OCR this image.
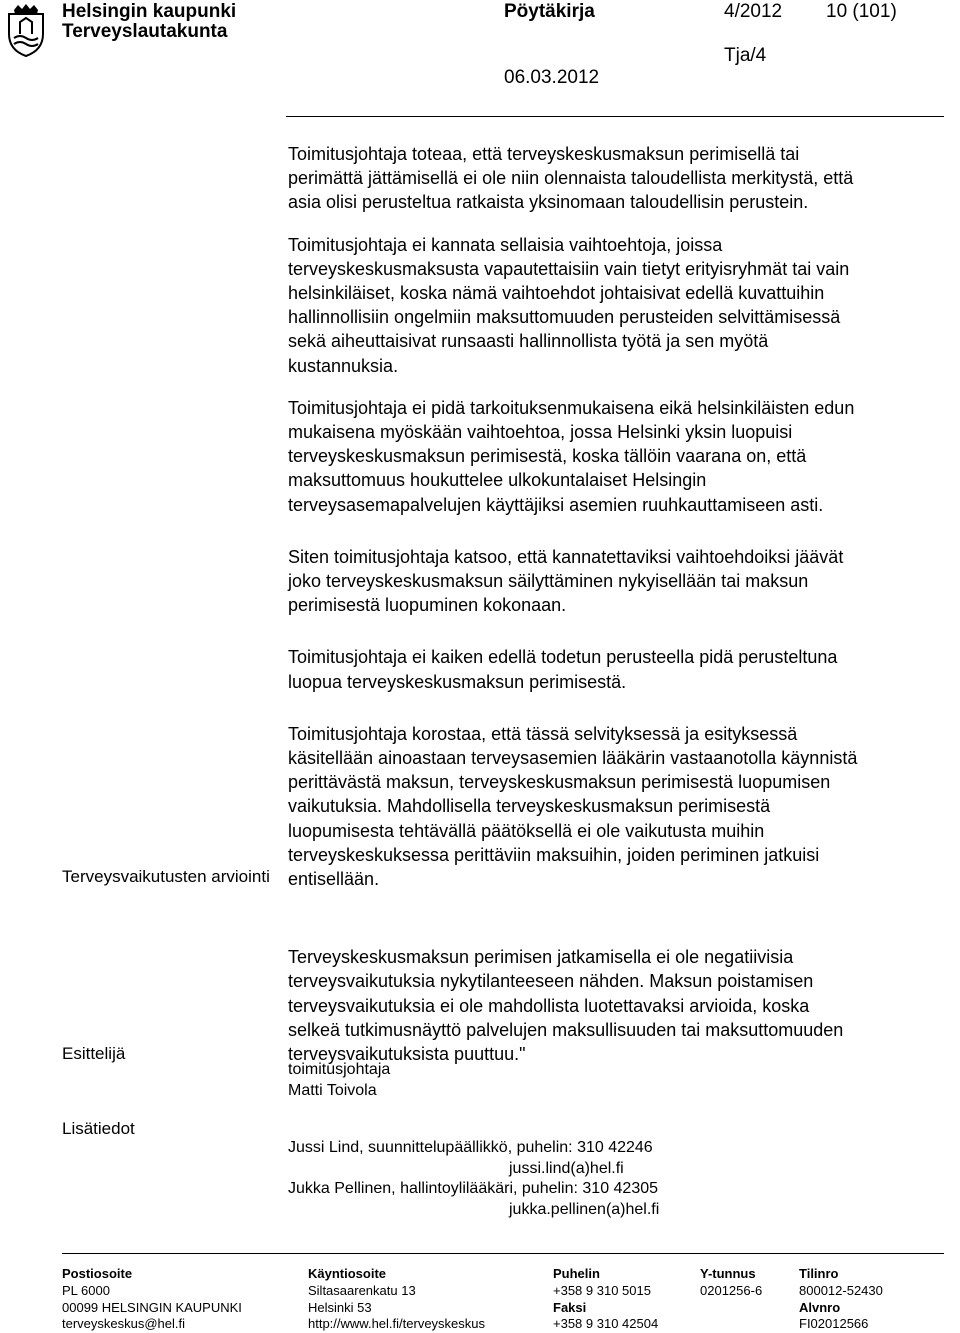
Helsingin kaupunki
Terveyslautakunta
Pöytäkirja	4/2012 10 (101)
Tja/4
06.03.2012

Toimitusjohtaja toteaa, että terveyskeskusmaksun perimisellä tai
perimättä jättämisellä ei ole niin olennaista taloudellista merkitystä, että
asia olisi perusteltua ratkaista yksinomaan taloudellisin perustein.

Toimitusjohtaja ei kannata sellaisia vaihtoehtoja, joissa
terveyskeskusmaksusta vapautettaisiin vain tietyt erityisryhmät tai vain
helsinkiläiset, koska nämä vaihtoehdot johtaisivat edellä kuvattuihin
hallinnollisiin ongelmiin maksuttomuuden perusteiden selvittämisessä
sekä aiheuttaisivat runsaasti hallinnollista työtä ja sen myötä
kustannuksia.

Toimitusjohtaja ei pidä tarkoituksenmukaisena eikä helsinkiläisten edun
mukaisena myöskään vaihtoehtoa, jossa Helsinki yksin luopuisi
terveyskeskusmaksun perimisestä, koska tällöin vaarana on, että
maksuttomuus houkuttelee ulkokuntalaiset Helsingin
terveysasemapalvelujen käyttäjiksi asemien ruuhkauttamiseen asti.

Siten toimitusjohtaja katsoo, että kannatettaviksi vaihtoehdoiksi jäävät
joko terveyskeskusmaksun säilyttäminen nykyisellään tai maksun
perimisestä luopuminen kokonaan.

Toimitusjohtaja ei kaiken edellä todetun perusteella pidä perusteltuna
luopua terveyskeskusmaksun perimisestä.

Toimitusjohtaja korostaa, että tässä selvityksessä ja esityksessä
käsitellään ainoastaan terveysasemien lääkärin vastaanotolla käynnistä
perittävästä maksun, terveyskeskusmaksun perimisestä luopumisen
vaikutuksia. Mahdollisella terveyskeskusmaksun perimisestä
luopumisesta tehtävällä päätöksellä ei ole vaikutusta muihin
terveyskeskuksessa perittäviin maksuihin, joiden periminen jatkuisi
entisellään.

Terveyskeskusmaksun perimisen jatkamisella ei ole negatiivisia
terveysvaikutuksia nykytilanteeseen nähden. Maksun poistamisen
terveysvaikutuksia ei ole mahdollista luotettavaksi arvioida, koska
selkeä tutkimusnäyttö palvelujen maksullisuuden tai maksuttomuuden
terveysvaikutuksista puuttuu."

Terveysvaikutusten arviointi
Esittelijä
Lisätiedot
toimitusjohtaja
Matti Toivola
Jussi Lind, suunnittelupäällikkö, puhelin: 310 42246
jussi.lind(a)hel.fi
Jukka Pellinen, hallintoylilääkäri, puhelin: 310 42305
jukka.pellinen(a)hel.fi
Postiosoite
PL 6000
00099 HELSINGIN KAUPUNKI
terveyskeskus@hel.fi
Käyntiosoite
Siltasaarenkatu 13
Helsinki 53
http://www.hel.fi/terveyskeskus
Puhelin
+358 9 310 5015
Faksi
+358 9 310 42504
Y-tunnus
0201256-6
Tilinro
800012-52430
Alvnro
FI02012566
